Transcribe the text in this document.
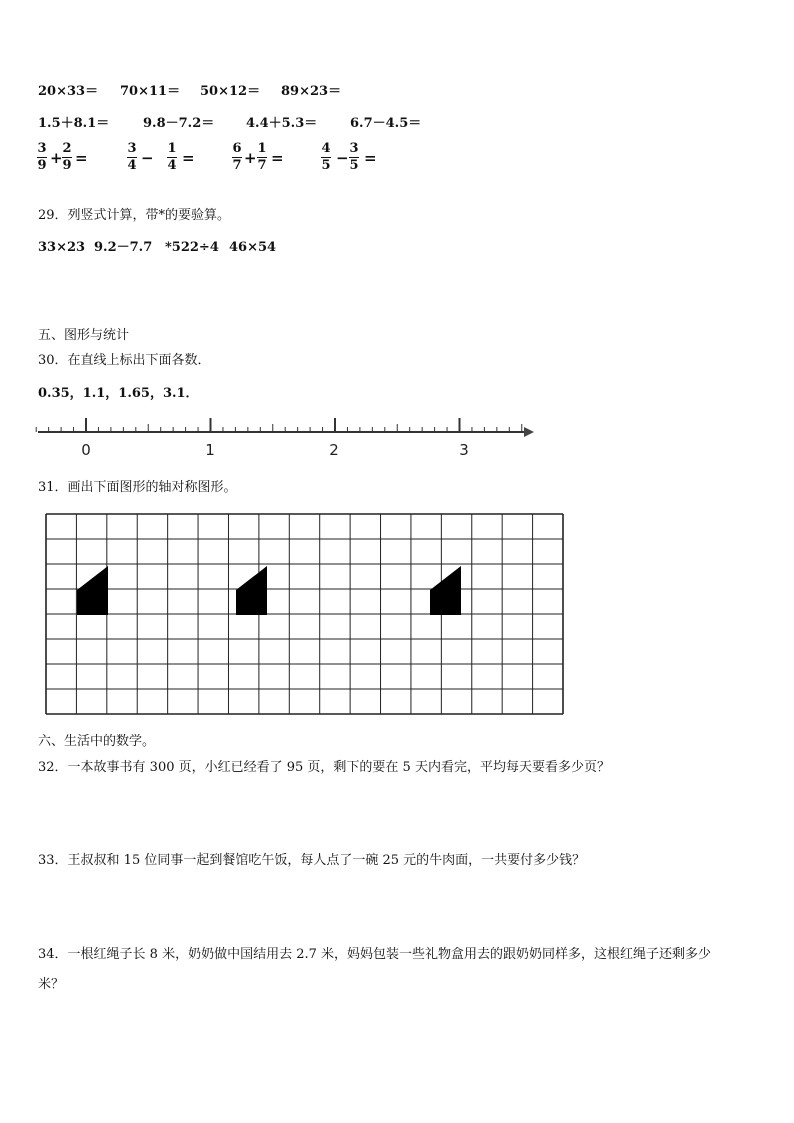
20×33＝ 70×11＝ 50×12＝ 89×23＝
1.5＋8.1＝	9.8－7.2＝ 4.4＋5.3＝	6.7－4.5＝
3
9 +
2
9 =
3
4 −
1
4 =
6
7 +
1
7 =
4
5 −
3
5 =
29．列竖式计算，带*的要验算。
33×23 9.2－7.7 *522÷4 46×54
五、图形与统计
30．在直线上标出下面各数．
0.35，1.1，1.65，3.1．
0	1	2	3
31．画出下面图形的轴对称图形。
六、生活中的数学。
32．一本故事书有 300 页，小红已经看了 95 页，剩下的要在 5 天内看完，平均每天要看多少页？
33．王叔叔和 15 位同事一起到餐馆吃午饭，每人点了一碗 25 元的牛肉面，一共要付多少钱？
34．一根红绳子长 8 米，奶奶做中国结用去 2.7 米，妈妈包装一些礼物盒用去的跟奶奶同样多，这根红绳子还剩多少
米？
